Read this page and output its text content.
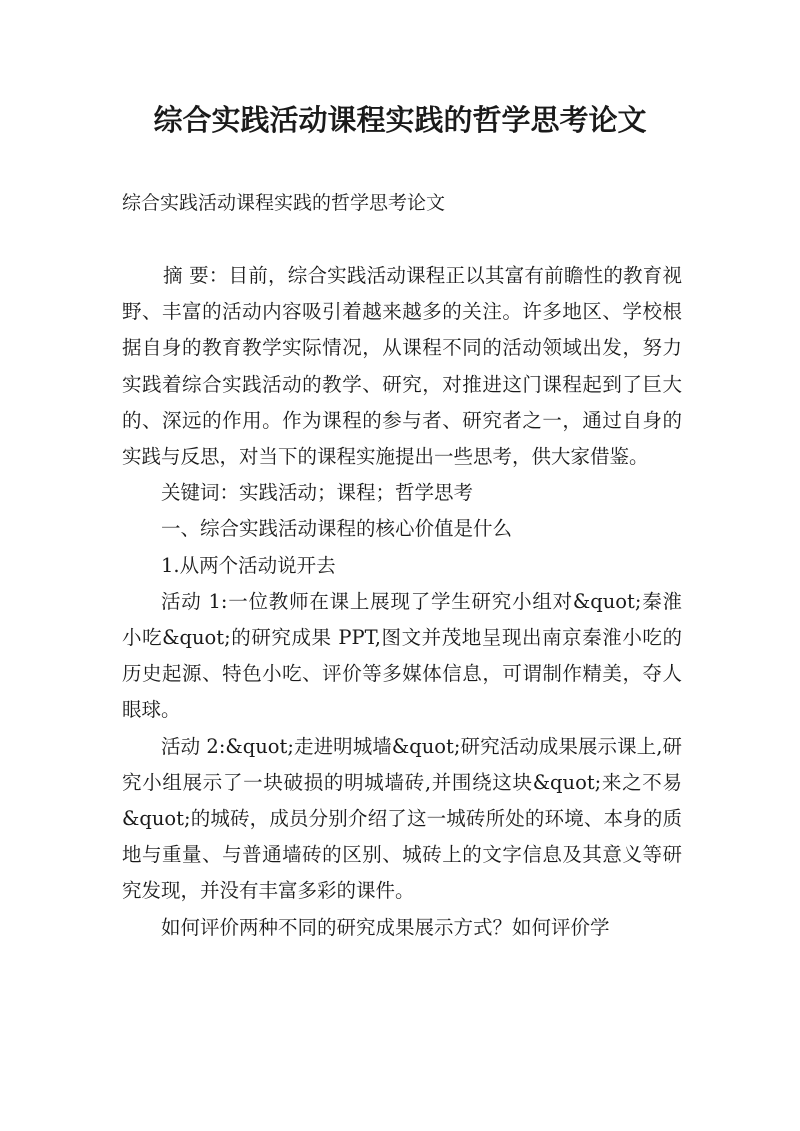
综合实践活动课程实践的哲学思考论文

综合实践活动课程实践的哲学思考论文

摘 要：目前，综合实践活动课程正以其富有前瞻性的教育视野、丰富的活动内容吸引着越来越多的关注。许多地区、学校根据自身的教育教学实际情况，从课程不同的活动领域出发，努力实践着综合实践活动的教学、研究，对推进这门课程起到了巨大的、深远的作用。作为课程的参与者、研究者之一，通过自身的实践与反思，对当下的课程实施提出一些思考，供大家借鉴。

关键词：实践活动；课程；哲学思考

一、综合实践活动课程的核心价值是什么

1.从两个活动说开去

活动 1:一位教师在课上展现了学生研究小组对&quot;秦淮小吃&quot;的研究成果 PPT,图文并茂地呈现出南京秦淮小吃的历史起源、特色小吃、评价等多媒体信息，可谓制作精美，夺人眼球。

活动 2:&quot;走进明城墙&quot;研究活动成果展示课上,研究小组展示了一块破损的明城墙砖,并围绕这块&quot;来之不易&quot;的城砖，成员分别介绍了这一城砖所处的环境、本身的质地与重量、与普通墙砖的区别、城砖上的文字信息及其意义等研究发现，并没有丰富多彩的课件。

如何评价两种不同的研究成果展示方式？如何评价学
